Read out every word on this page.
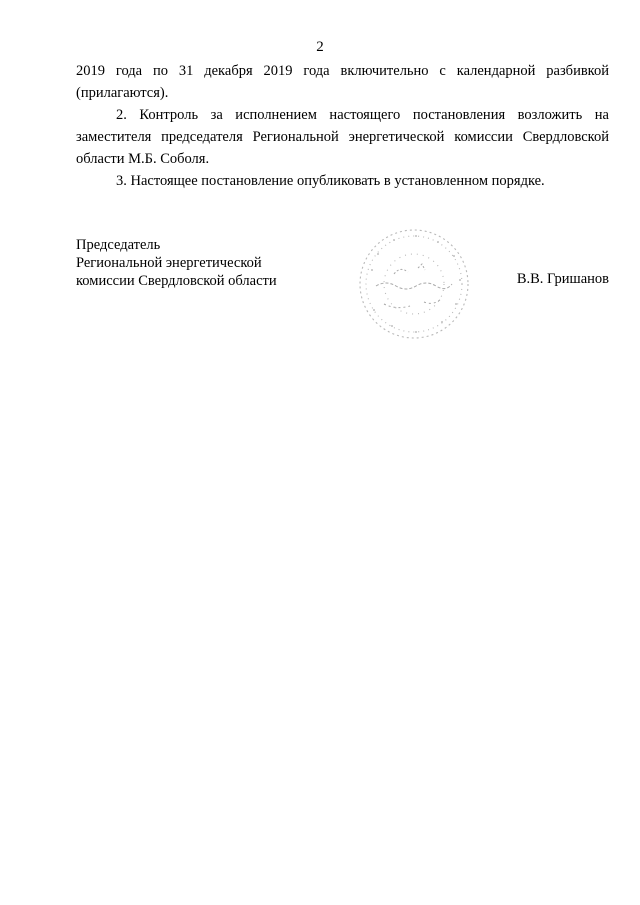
2

2019 года по 31 декабря 2019 года включительно с календарной разбивкой (прилагаются).

2. Контроль за исполнением настоящего постановления возложить на заместителя председателя Региональной энергетической комиссии Свердловской области М.Б. Соболя.

3. Настоящее постановление опубликовать в установленном порядке.

Председатель
Региональной энергетической
комиссии Свердловской области	В.В. Гришанов
